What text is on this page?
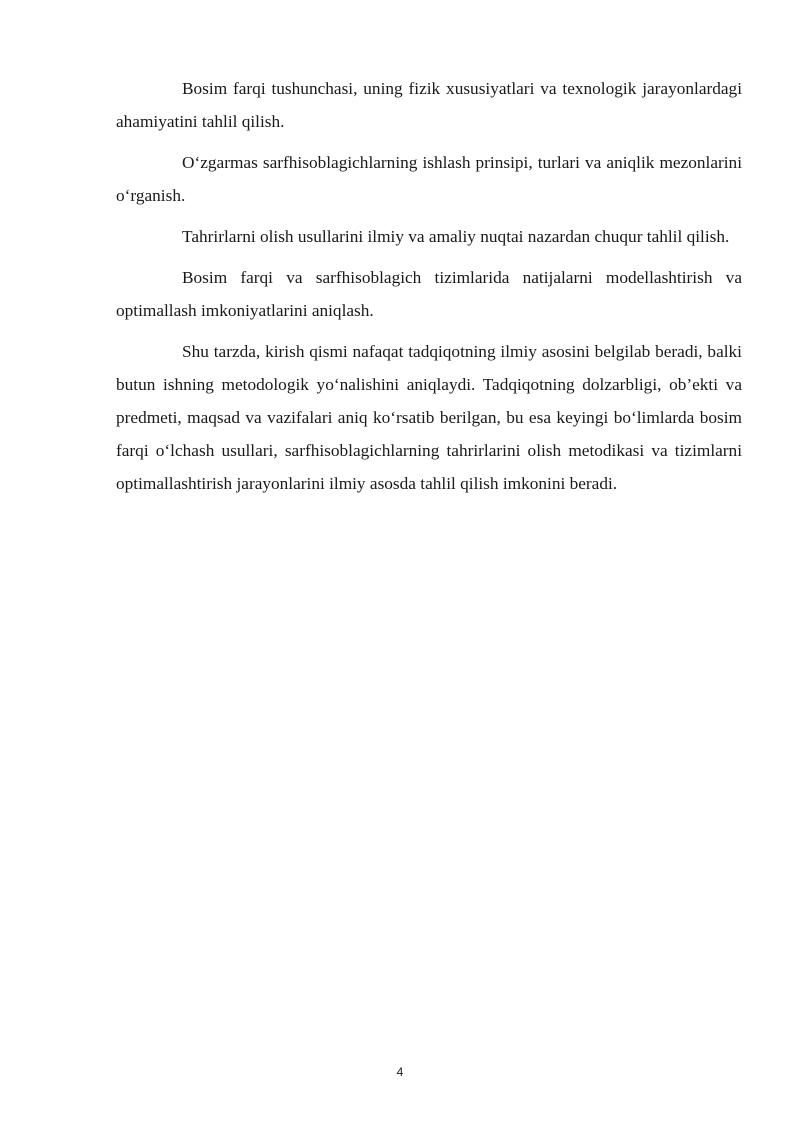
Bosim farqi tushunchasi, uning fizik xususiyatlari va texnologik jarayonlardagi ahamiyatini tahlil qilish.

O‘zgarmas sarfhisoblagichlarning ishlash prinsipi, turlari va aniqlik mezonlarini o‘rganish.

Tahrirlarni olish usullarini ilmiy va amaliy nuqtai nazardan chuqur tahlil qilish.

Bosim farqi va sarfhisoblagich tizimlarida natijalarni modellashtirish va optimallash imkoniyatlarini aniqlash.

Shu tarzda, kirish qismi nafaqat tadqiqotning ilmiy asosini belgilab beradi, balki butun ishning metodologik yo‘nalishini aniqlaydi. Tadqiqotning dolzarbligi, ob’ekti va predmeti, maqsad va vazifalari aniq ko‘rsatib berilgan, bu esa keyingi bo‘limlarda bosim farqi o‘lchash usullari, sarfhisoblagichlarning tahrirlarini olish metodikasi va tizimlarni optimallashtirish jarayonlarini ilmiy asosda tahlil qilish imkonini beradi.

4
